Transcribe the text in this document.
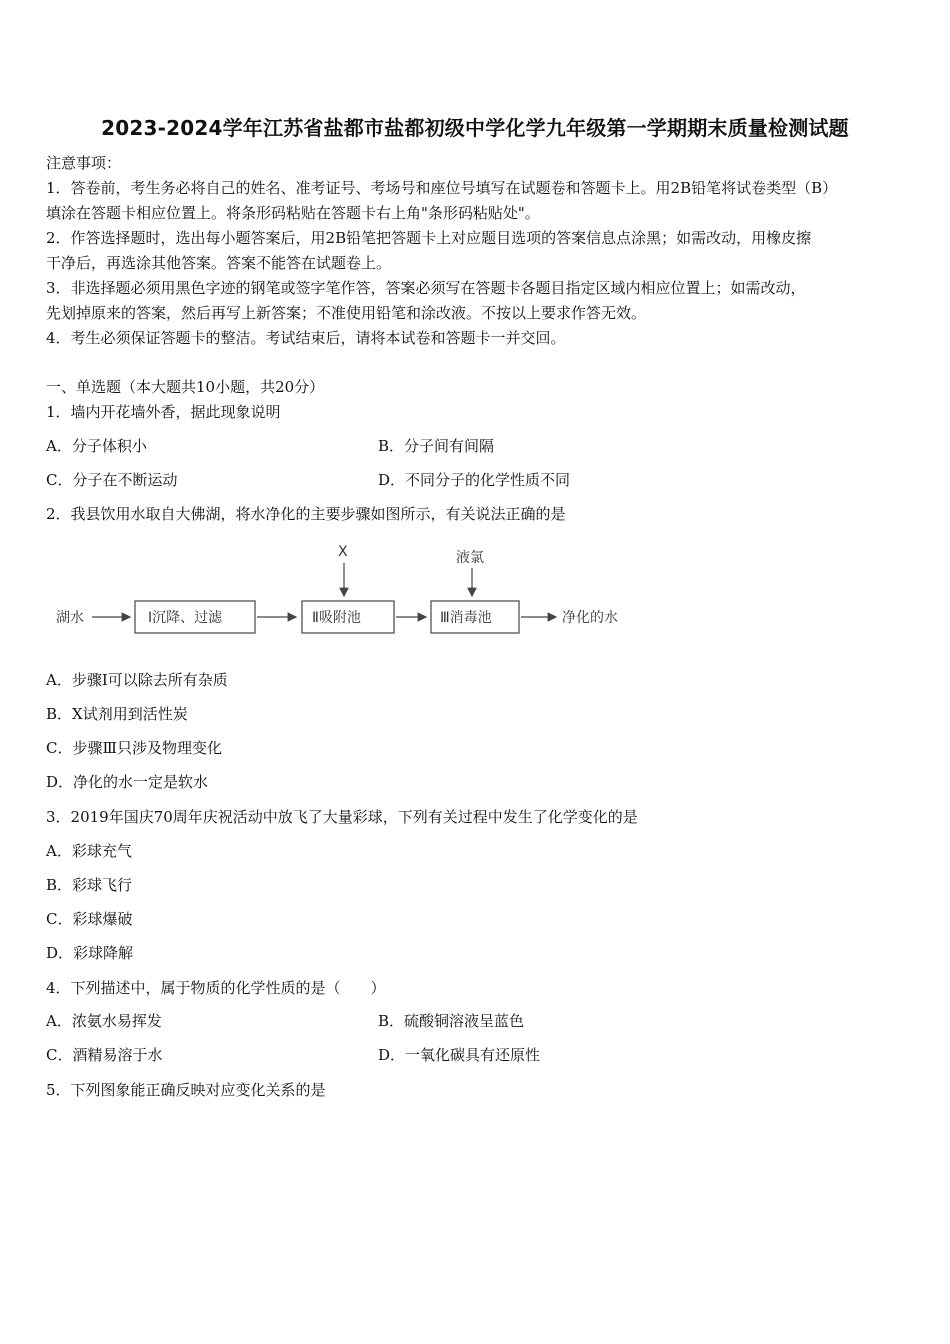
2023-2024学年江苏省盐都市盐都初级中学化学九年级第一学期期末质量检测试题
注意事项：
1．答卷前，考生务必将自己的姓名、准考证号、考场号和座位号填写在试题卷和答题卡上。用2B铅笔将试卷类型（B）
填涂在答题卡相应位置上。将条形码粘贴在答题卡右上角"条形码粘贴处"。
2．作答选择题时，选出每小题答案后，用2B铅笔把答题卡上对应题目选项的答案信息点涂黑；如需改动，用橡皮擦
干净后，再选涂其他答案。答案不能答在试题卷上。
3．非选择题必须用黑色字迹的钢笔或签字笔作答，答案必须写在答题卡各题目指定区域内相应位置上；如需改动，
先划掉原来的答案，然后再写上新答案；不准使用铅笔和涂改液。不按以上要求作答无效。
4．考生必须保证答题卡的整洁。考试结束后，请将本试卷和答题卡一并交回。
一、单选题（本大题共10小题，共20分）
1．墙内开花墙外香，据此现象说明
A．分子体积小	B．分子间有间隔
C．分子在不断运动	D．不同分子的化学性质不同
2．我县饮用水取自大佛湖，将水净化的主要步骤如图所示，有关说法正确的是
湖水	Ⅰ沉降、过滤	Ⅱ吸附池	Ⅲ消毒池	净化的水
X	液氯
A．步骤Ⅰ可以除去所有杂质
B．X试剂用到活性炭
C．步骤Ⅲ只涉及物理变化
D．净化的水一定是软水
3．2019年国庆70周年庆祝活动中放飞了大量彩球，下列有关过程中发生了化学变化的是
A．彩球充气
B．彩球飞行
C．彩球爆破
D．彩球降解
4．下列描述中，属于物质的化学性质的是（　　）
A．浓氨水易挥发	B．硫酸铜溶液呈蓝色
C．酒精易溶于水	D．一氧化碳具有还原性
5．下列图象能正确反映对应变化关系的是
